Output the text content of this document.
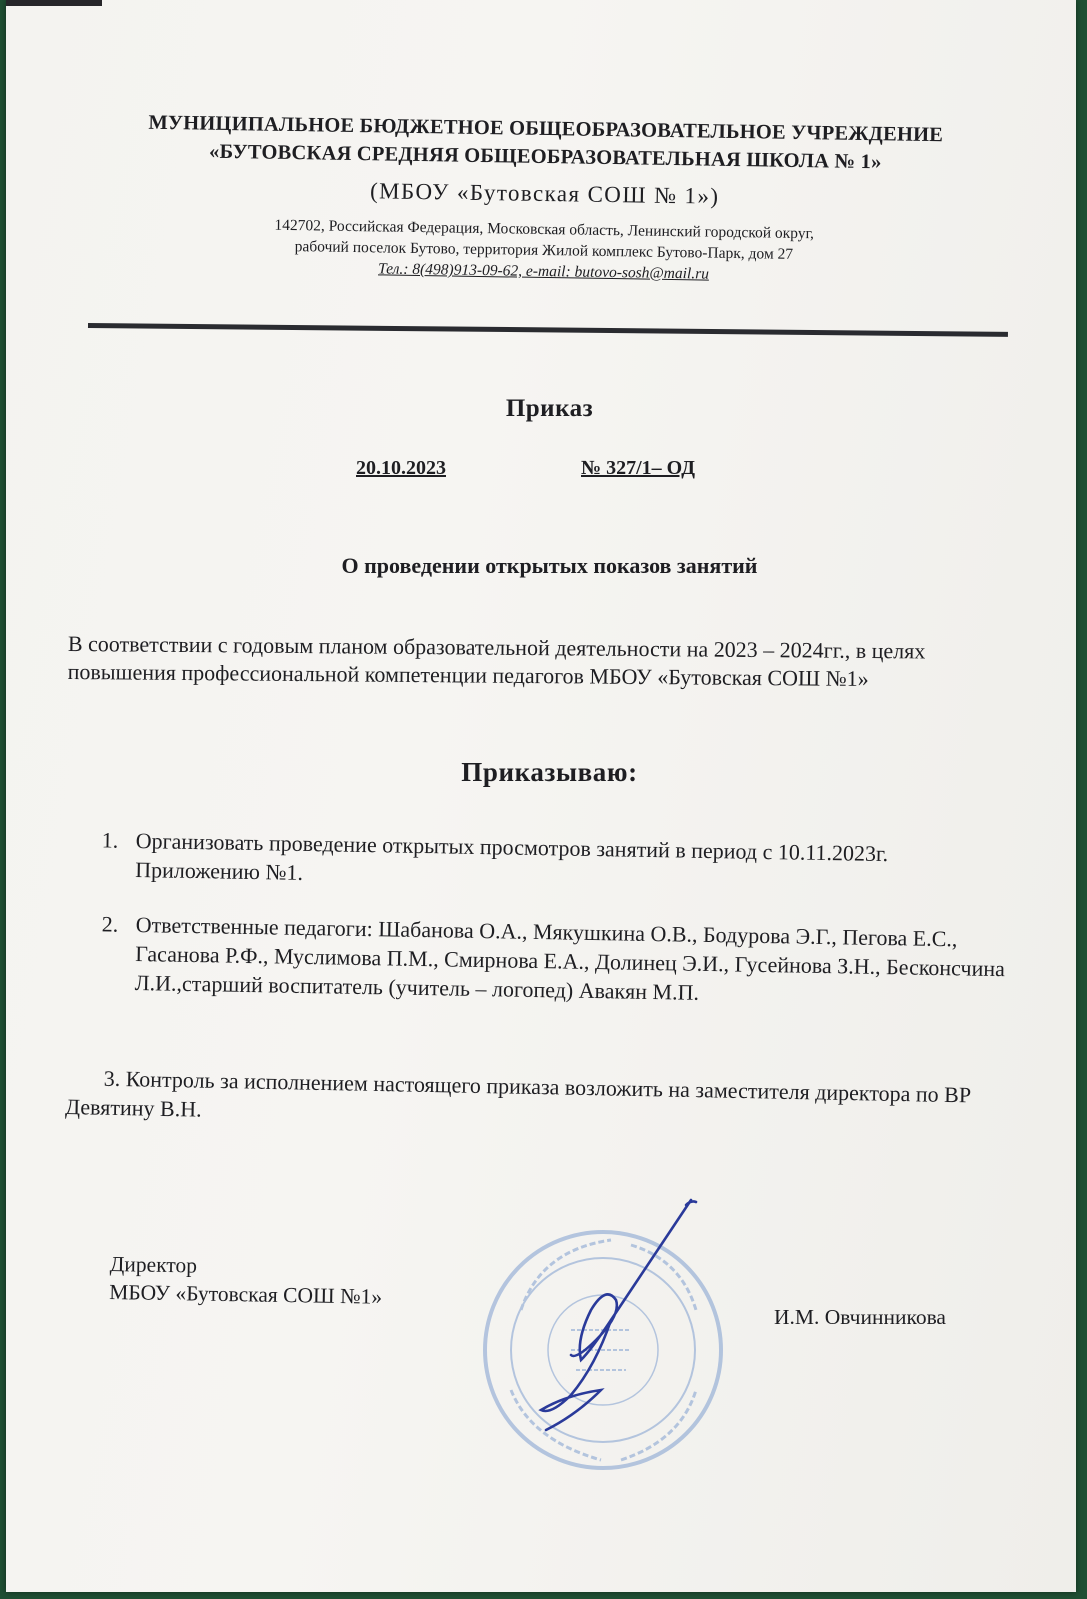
МУНИЦИПАЛЬНОЕ БЮДЖЕТНОЕ ОБЩЕОБРАЗОВАТЕЛЬНОЕ УЧРЕЖДЕНИЕ
«БУТОВСКАЯ СРЕДНЯЯ ОБЩЕОБРАЗОВАТЕЛЬНАЯ ШКОЛА № 1»
(МБОУ «Бутовская СОШ № 1»)
142702, Российская Федерация, Московская область, Ленинский городской округ,
рабочий поселок Бутово, территория Жилой комплекс Бутово-Парк, дом 27
Тел.: 8(498)913-09-62, e-mail: butovo-sosh@mail.ru
Приказ
20.10.2023	№ 327/1– ОД
О проведении открытых показов занятий
В соответствии с годовым планом образовательной деятельности на 2023 – 2024гг., в целях повышения профессиональной компетенции педагогов МБОУ «Бутовская СОШ №1»
Приказываю:
1. Организовать проведение открытых просмотров занятий в период с 10.11.2023г. Приложению №1.
2. Ответственные педагоги: Шабанова О.А., Мякушкина О.В., Бодурова Э.Г., Пегова Е.С., Гасанова Р.Ф., Муслимова П.М., Смирнова Е.А., Долинец Э.И., Гусейнова З.Н., Бесконсчина Л.И.,старший воспитатель (учитель – логопед) Авакян М.П.
3. Контроль за исполнением настоящего приказа возложить на заместителя директора по ВР Девятину В.Н.
Директор
МБОУ «Бутовская СОШ №1»
И.М. Овчинникова
